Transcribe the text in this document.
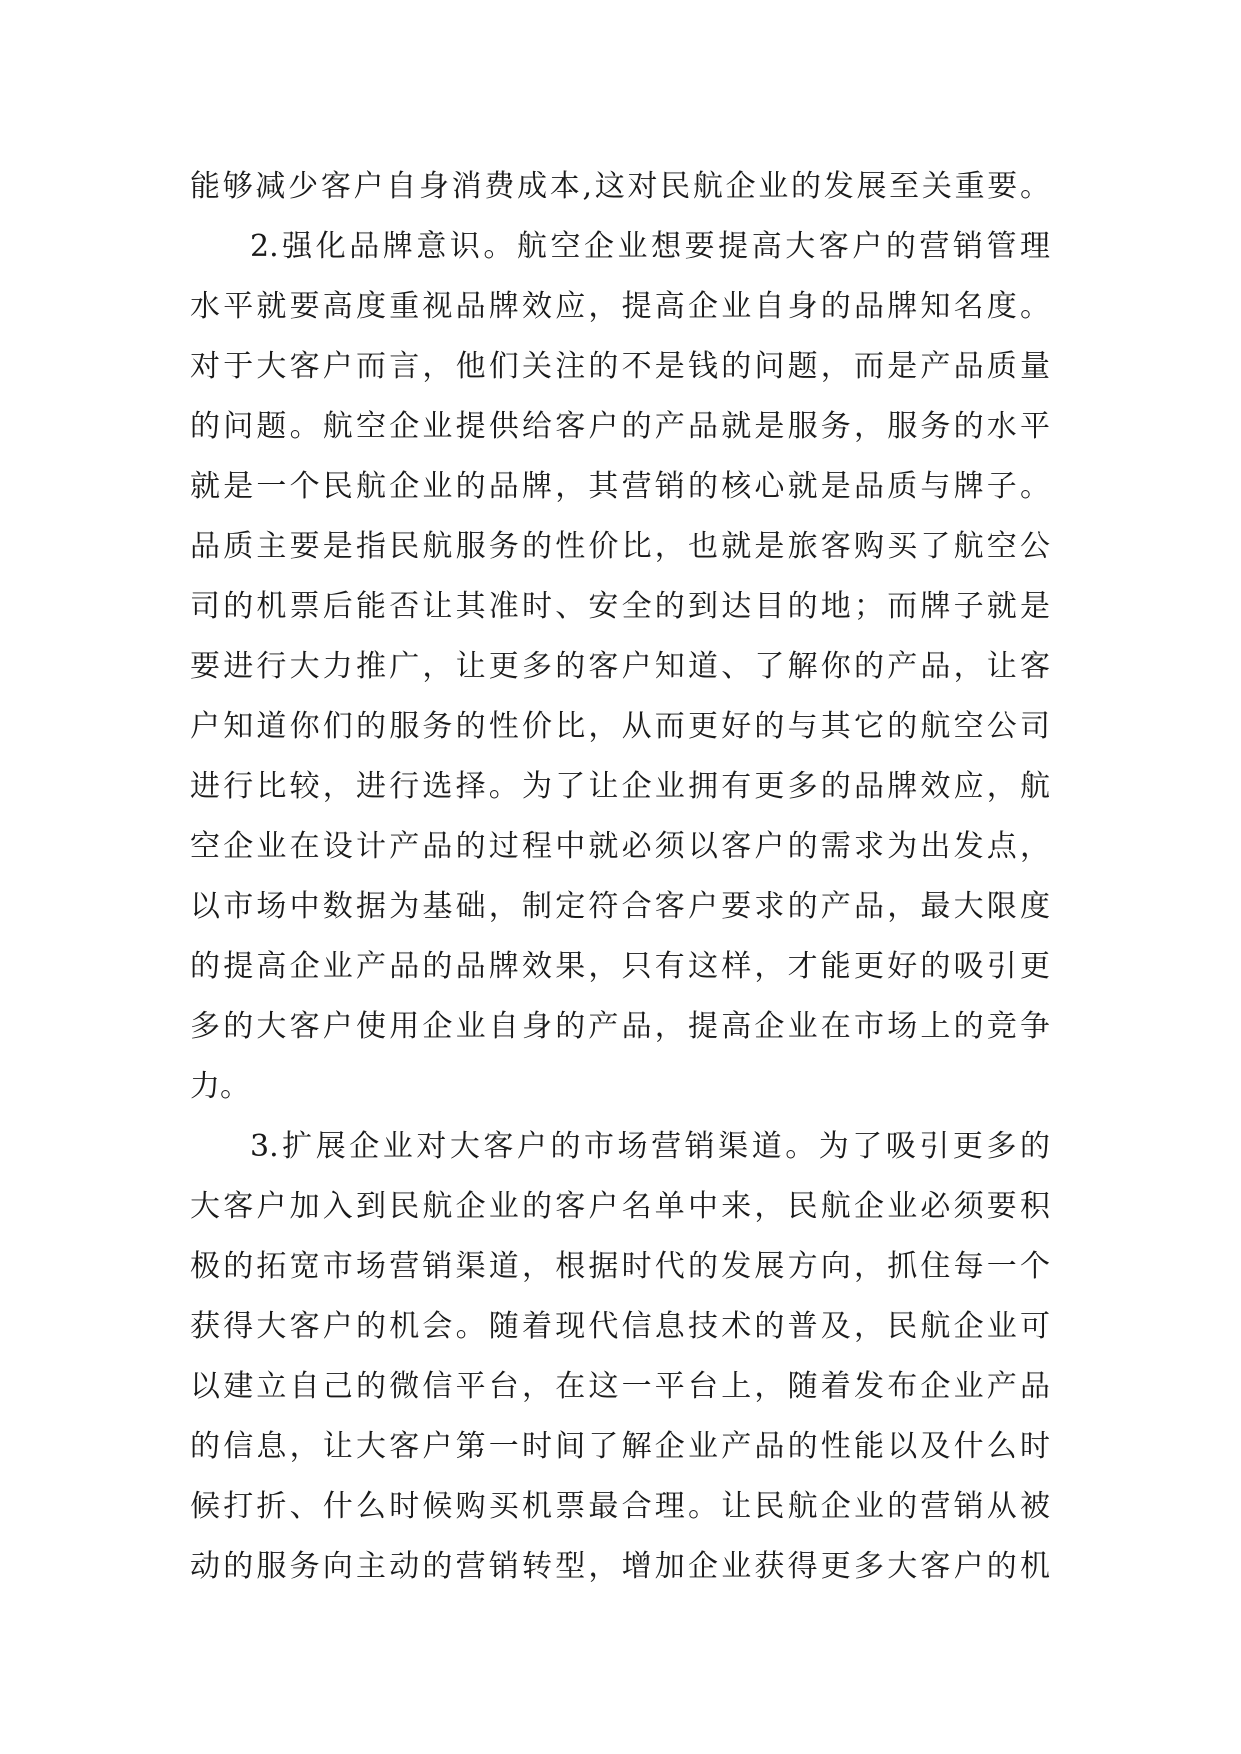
能够减少客户自身消费成本,这对民航企业的发展至关重要。

2.强化品牌意识。航空企业想要提高大客户的营销管理

水平就要高度重视品牌效应，提高企业自身的品牌知名度。

对于大客户而言，他们关注的不是钱的问题，而是产品质量

的问题。航空企业提供给客户的产品就是服务，服务的水平

就是一个民航企业的品牌，其营销的核心就是品质与牌子。

品质主要是指民航服务的性价比，也就是旅客购买了航空公

司的机票后能否让其准时、安全的到达目的地；而牌子就是

要进行大力推广，让更多的客户知道、了解你的产品，让客

户知道你们的服务的性价比，从而更好的与其它的航空公司

进行比较，进行选择。为了让企业拥有更多的品牌效应，航

空企业在设计产品的过程中就必须以客户的需求为出发点，

以市场中数据为基础，制定符合客户要求的产品，最大限度

的提高企业产品的品牌效果，只有这样，才能更好的吸引更

多的大客户使用企业自身的产品，提高企业在市场上的竞争

力。

3.扩展企业对大客户的市场营销渠道。为了吸引更多的

大客户加入到民航企业的客户名单中来，民航企业必须要积

极的拓宽市场营销渠道，根据时代的发展方向，抓住每一个

获得大客户的机会。随着现代信息技术的普及，民航企业可

以建立自己的微信平台，在这一平台上，随着发布企业产品

的信息，让大客户第一时间了解企业产品的性能以及什么时

候打折、什么时候购买机票最合理。让民航企业的营销从被

动的服务向主动的营销转型，增加企业获得更多大客户的机
